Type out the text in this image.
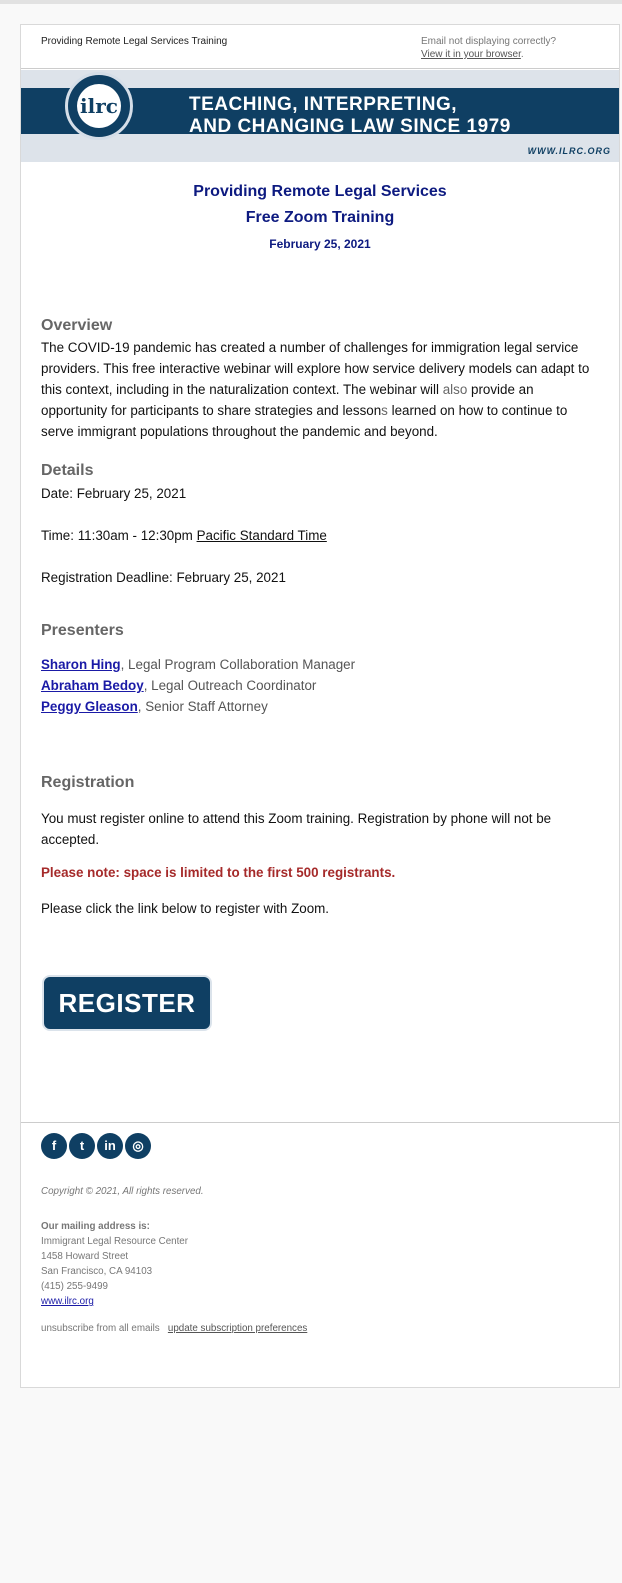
Providing Remote Legal Services Training	Email not displaying correctly?
View it in your browser.
ilrc	TEACHING, INTERPRETING,
AND CHANGING LAW SINCE 1979
WWW.ILRC.ORG
Providing Remote Legal Services
Free Zoom Training
February 25, 2021
Overview
The COVID-19 pandemic has created a number of challenges for immigration legal service providers. This free interactive webinar will explore how service delivery models can adapt to this context, including in the naturalization context. The webinar will also provide an opportunity for participants to share strategies and lessons learned on how to continue to serve immigrant populations throughout the pandemic and beyond.
Details
Date: February 25, 2021
Time: 11:30am - 12:30pm Pacific Standard Time
Registration Deadline: February 25, 2021
Presenters
Sharon Hing, Legal Program Collaboration Manager
Abraham Bedoy, Legal Outreach Coordinator
Peggy Gleason, Senior Staff Attorney
Registration
You must register online to attend this Zoom training. Registration by phone will not be accepted.
Please note: space is limited to the first 500 registrants.
Please click the link below to register with Zoom.
REGISTER
f	t	in	◎
Copyright © 2021, All rights reserved.
Our mailing address is:
Immigrant Legal Resource Center
1458 Howard Street
San Francisco, CA 94103
(415) 255-9499
www.ilrc.org
unsubscribe from all emails update subscription preferences
